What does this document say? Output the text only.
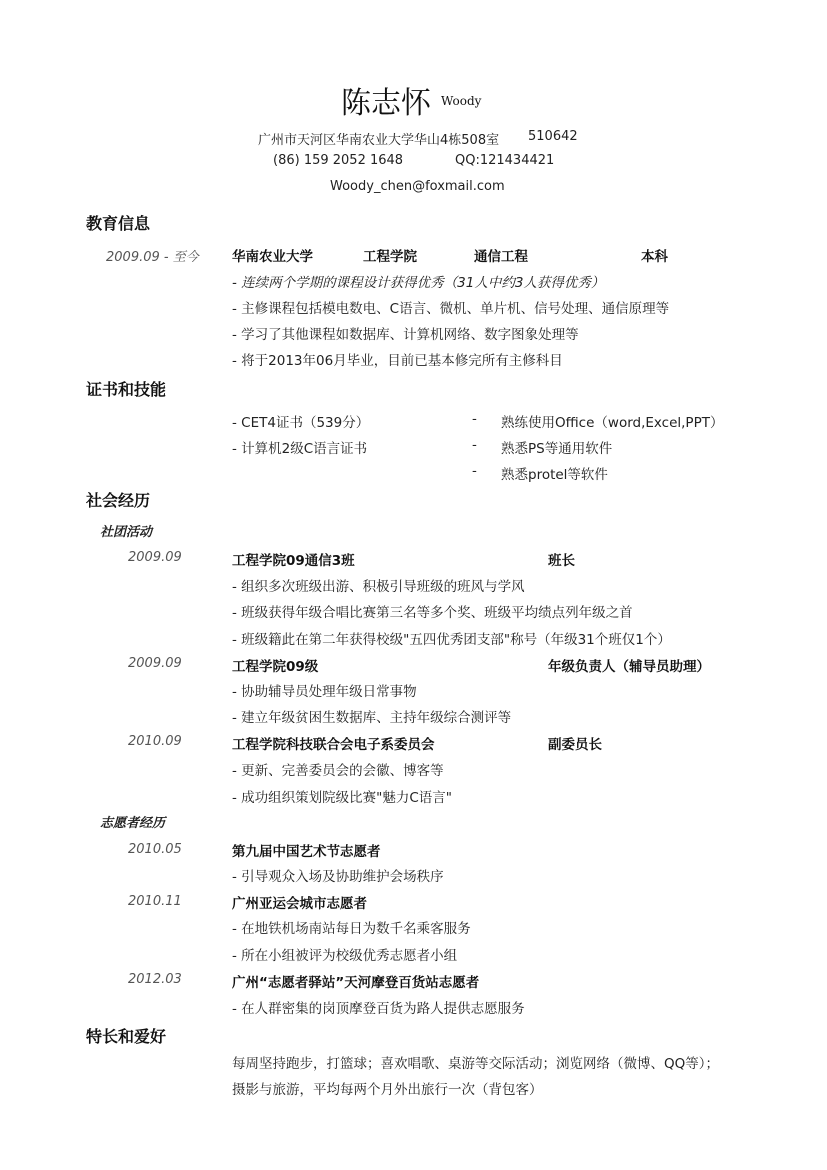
陈志怀 Woody
广州市天河区华南农业大学华山4栋508室 510642
(86) 159 2052 1648	QQ:121434421
Woody_chen@foxmail.com
教育信息
2009.09 - 至今 华南农业大学	工程学院	通信工程	本科
- 连续两个学期的课程设计获得优秀（31人中约3人获得优秀）
- 主修课程包括模电数电、C语言、微机、单片机、信号处理、通信原理等
- 学习了其他课程如数据库、计算机网络、数字图象处理等
- 将于2013年06月毕业，目前已基本修完所有主修科目
证书和技能
- CET4证书（539分）
- 计算机2级C语言证书
-
-
-
熟练使用Office（word,Excel,PPT）
熟悉PS等通用软件
熟悉protel等软件
社会经历
社团活动
2009.09	工程学院09通信3班	班长
- 组织多次班级出游、积极引导班级的班风与学风
- 班级获得年级合唱比赛第三名等多个奖、班级平均绩点列年级之首
- 班级籍此在第二年获得校级"五四优秀团支部"称号（年级31个班仅1个）
2009.09	工程学院09级	年级负责人（辅导员助理）
- 协助辅导员处理年级日常事物
- 建立年级贫困生数据库、主持年级综合测评等
2010.09	工程学院科技联合会电子系委员会	副委员长
- 更新、完善委员会的会徽、博客等
- 成功组织策划院级比赛"魅力C语言"
志愿者经历
2010.05	第九届中国艺术节志愿者
- 引导观众入场及协助维护会场秩序
2010.11	广州亚运会城市志愿者
- 在地铁机场南站每日为数千名乘客服务
- 所在小组被评为校级优秀志愿者小组
2012.03	广州“志愿者驿站”天河摩登百货站志愿者
- 在人群密集的岗顶摩登百货为路人提供志愿服务
特长和爱好
每周坚持跑步，打篮球；喜欢唱歌、桌游等交际活动；浏览网络（微博、QQ等）；摄影与旅游，平均每两个月外出旅行一次（背包客）
